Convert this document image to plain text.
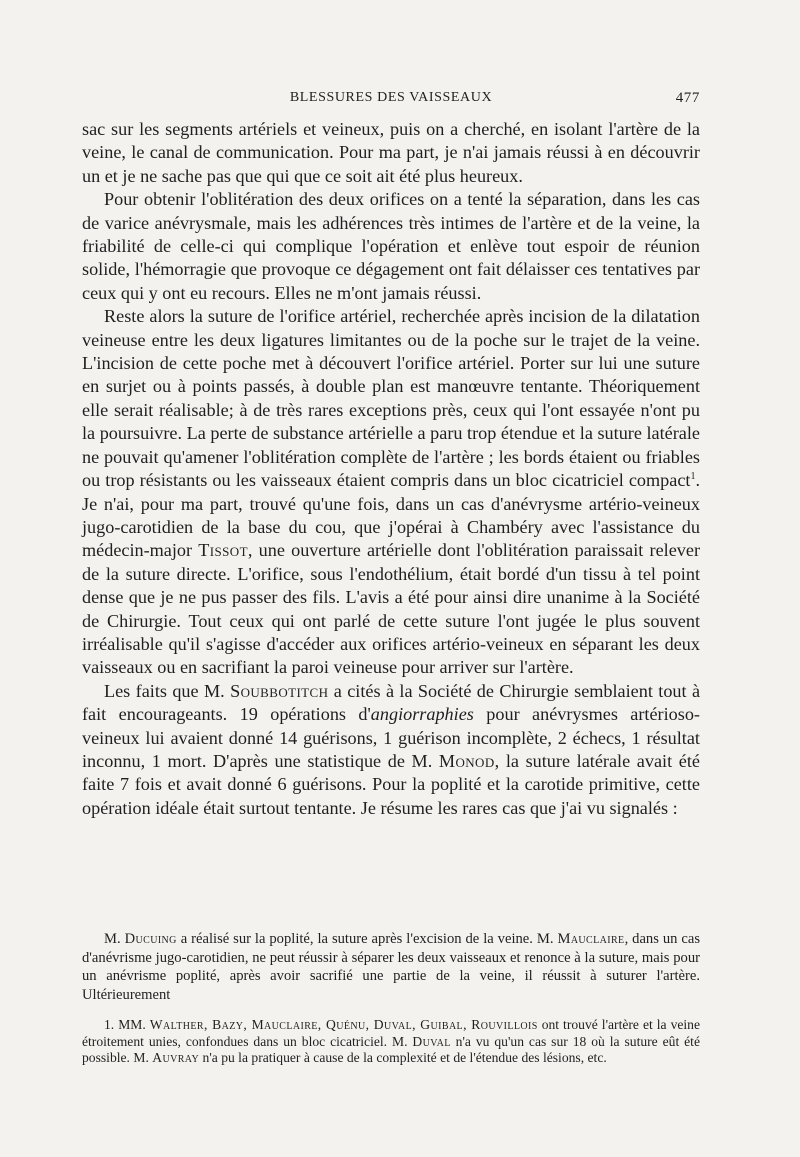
BLESSURES DES VAISSEAUX	477

sac sur les segments artériels et veineux, puis on a cherché, en isolant l'artère de la veine, le canal de communication. Pour ma part, je n'ai jamais réussi à en découvrir un et je ne sache pas que qui que ce soit ait été plus heureux.

Pour obtenir l'oblitération des deux orifices on a tenté la séparation, dans les cas de varice anévrysmale, mais les adhérences très intimes de l'artère et de la veine, la friabilité de celle-ci qui complique l'opération et enlève tout espoir de réunion solide, l'hémorragie que provoque ce dégagement ont fait délaisser ces tentatives par ceux qui y ont eu recours. Elles ne m'ont jamais réussi.

Reste alors la suture de l'orifice artériel, recherchée après incision de la dilatation veineuse entre les deux ligatures limitantes ou de la poche sur le trajet de la veine. L'incision de cette poche met à découvert l'orifice artériel. Porter sur lui une suture en surjet ou à points passés, à double plan est manœuvre tentante. Théoriquement elle serait réalisable; à de très rares exceptions près, ceux qui l'ont essayée n'ont pu la poursuivre. La perte de substance artérielle a paru trop étendue et la suture latérale ne pouvait qu'amener l'oblitération complète de l'artère ; les bords étaient ou friables ou trop résistants ou les vaisseaux étaient compris dans un bloc cicatriciel compact$^1$. Je n'ai, pour ma part, trouvé qu'une fois, dans un cas d'anévrysme artério-veineux jugo-carotidien de la base du cou, que j'opérai à Chambéry avec l'assistance du médecin-major Tissot, une ouverture artérielle dont l'oblitération paraissait relever de la suture directe. L'orifice, sous l'endothélium, était bordé d'un tissu à tel point dense que je ne pus passer des fils. L'avis a été pour ainsi dire unanime à la Société de Chirurgie. Tout ceux qui ont parlé de cette suture l'ont jugée le plus souvent irréalisable qu'il s'agisse d'accéder aux orifices artério-veineux en séparant les deux vaisseaux ou en sacrifiant la paroi veineuse pour arriver sur l'artère.

Les faits que M. Soubbotitch a cités à la Société de Chirurgie semblaient tout à fait encourageants. 19 opérations d'angiorraphies pour anévrysmes artérioso-veineux lui avaient donné 14 guérisons, 1 guérison incomplète, 2 échecs, 1 résultat inconnu, 1 mort. D'après une statistique de M. Monod, la suture latérale avait été faite 7 fois et avait donné 6 guérisons. Pour la poplité et la carotide primitive, cette opération idéale était surtout tentante. Je résume les rares cas que j'ai vu signalés :

M. Ducuing a réalisé sur la poplité, la suture après l'excision de la veine. M. Mauclaire, dans un cas d'anévrisme jugo-carotidien, ne peut réussir à séparer les deux vaisseaux et renonce à la suture, mais pour un anévrisme poplité, après avoir sacrifié une partie de la veine, il réussit à suturer l'artère. Ultérieurement

1. MM. Walther, Bazy, Mauclaire, Quénu, Duval, Guibal, Rouvillois ont trouvé l'artère et la veine étroitement unies, confondues dans un bloc cicatriciel. M. Duval n'a vu qu'un cas sur 18 où la suture eût été possible. M. Auvray n'a pu la pratiquer à cause de la complexité et de l'étendue des lésions, etc.
